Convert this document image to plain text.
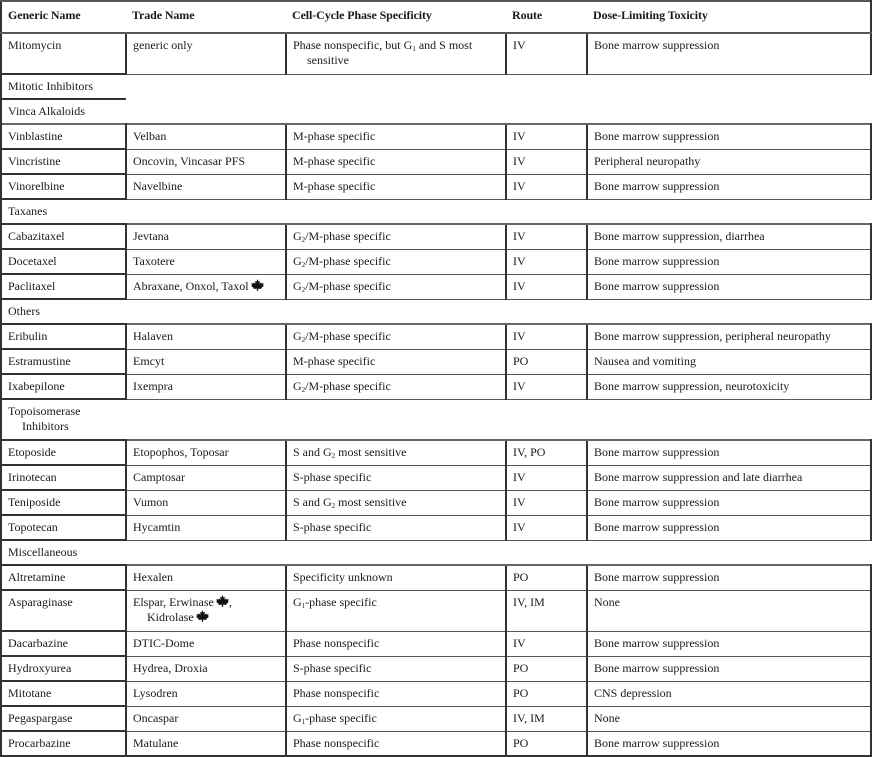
Generic Name	Trade Name	Cell-Cycle Phase Specificity	Route	Dose-Limiting Toxicity
Mitomycin	generic only	Phase nonspecific, but $G_1$ and S most sensitive	IV	Bone marrow suppression

Mitotic Inhibitors				

Vinca Alkaloids				

Vinblastine	Velban	M-phase specific	IV	Bone marrow suppression
Vincristine	Oncovin, Vincasar PFS	M-phase specific	IV	Peripheral neuropathy
Vinorelbine	Navelbine	M-phase specific	IV	Bone marrow suppression

Taxanes				

Cabazitaxel	Jevtana	$G_2/M$-phase specific	IV	Bone marrow suppression, diarrhea
Docetaxel	Taxotere	$G_2/M$-phase specific	IV	Bone marrow suppression
Paclitaxel	Abraxane, Onxol, Taxol	$G_2/M$-phase specific	IV	Bone marrow suppression

Others				

Eribulin	Halaven	$G_2/M$-phase specific	IV	Bone marrow suppression, peripheral neuropathy
Estramustine	Emcyt	M-phase specific	PO	Nausea and vomiting
Ixabepilone	Ixempra	$G_2/M$-phase specific	IV	Bone marrow suppression, neurotoxicity

Topoisomerase Inhibitors				

Etoposide	Etopophos, Toposar	S and $G_2$ most sensitive	IV, PO	Bone marrow suppression
Irinotecan	Camptosar	S-phase specific	IV	Bone marrow suppression and late diarrhea
Teniposide	Vumon	S and $G_2$ most sensitive	IV	Bone marrow suppression
Topotecan	Hycamtin	S-phase specific	IV	Bone marrow suppression

Miscellaneous				

Altretamine	Hexalen	Specificity unknown	PO	Bone marrow suppression
Asparaginase	Elspar, Erwinase , Kidrolase	$G_1$-phase specific	IV, IM	None
Dacarbazine	DTIC-Dome	Phase nonspecific	IV	Bone marrow suppression
Hydroxyurea	Hydrea, Droxia	S-phase specific	PO	Bone marrow suppression
Mitotane	Lysodren	Phase nonspecific	PO	CNS depression
Pegaspargase	Oncaspar	$G_1$-phase specific	IV, IM	None
Procarbazine	Matulane	Phase nonspecific	PO	Bone marrow suppression
